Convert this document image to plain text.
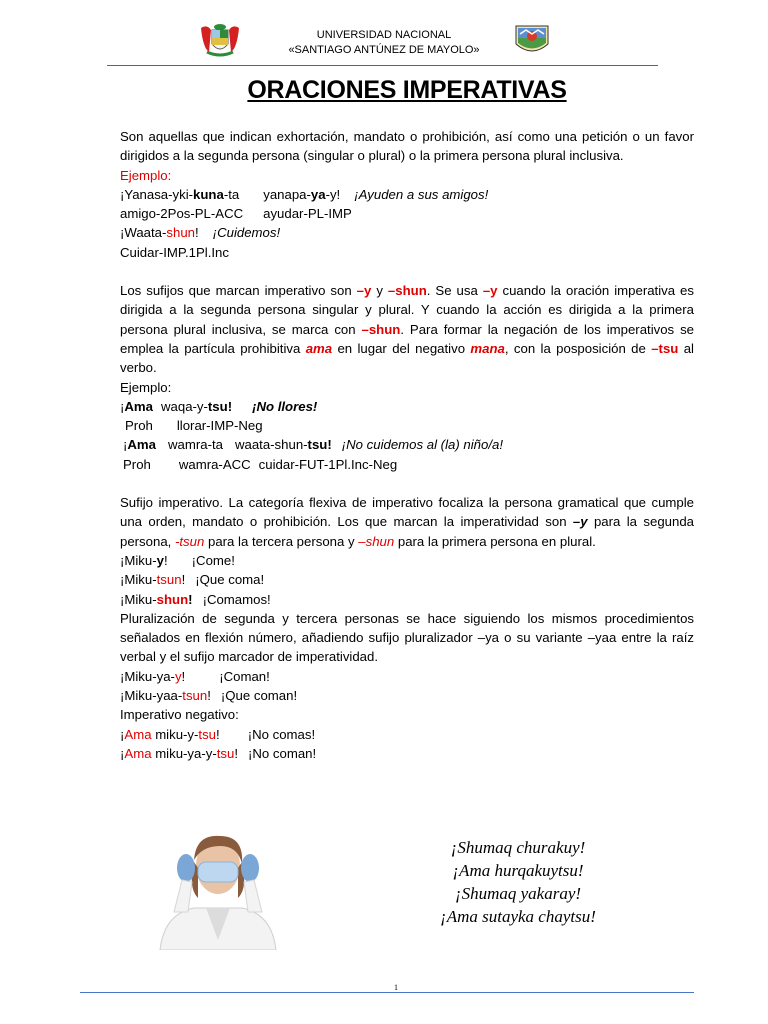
UNIVERSIDAD NACIONAL
«SANTIAGO ANTÚNEZ DE MAYOLO»
ORACIONES IMPERATIVAS

Son aquellas que indican exhortación, mandato o prohibición, así como una petición o un favor dirigidos a la segunda persona (singular o plural) o la primera persona plural inclusiva.

Ejemplo:

¡Yanasa-yki-kuna-ta yanapa-ya-y! ¡Ayuden a sus amigos!

amigo-2Pos-PL-ACC ayudar-PL-IMP

¡Waata-shun! ¡Cuidemos!

Cuidar-IMP.1Pl.Inc

Los sufijos que marcan imperativo son –y y –shun. Se usa –y cuando la oración imperativa es dirigida a la segunda persona singular y plural. Y cuando la acción es dirigida a la primera persona plural inclusiva, se marca con –shun. Para formar la negación de los imperativos se emplea la partícula prohibitiva ama en lugar del negativo mana, con la posposición de –tsu al verbo.

Ejemplo:

¡Ama waqa-y-tsu! ¡No llores!

Proh llorar-IMP-Neg

¡Ama wamra-ta waata-shun-tsu! ¡No cuidemos al (la) niño/a!

Proh wamra-ACC cuidar-FUT-1Pl.Inc-Neg

Sufijo imperativo. La categoría flexiva de imperativo focaliza la persona gramatical que cumple una orden, mandato o prohibición. Los que marcan la imperatividad son –y para la segunda persona, -tsun para la tercera persona y –shun para la primera persona en plural.

¡Miku-y! ¡Come!

¡Miku-tsun! ¡Que coma!

¡Miku-shun! ¡Comamos!

Pluralización de segunda y tercera personas se hace siguiendo los mismos procedimientos señalados en flexión número, añadiendo sufijo pluralizador –ya o su variante –yaa entre la raíz verbal y el sufijo marcador de imperatividad.

¡Miku-ya-y!	¡Coman!

¡Miku-yaa-tsun! ¡Que coman!

Imperativo negativo:

¡Ama miku-y-tsu! ¡No comas!

¡Ama miku-ya-y-tsu! ¡No coman!

¡Shumaq churakuy!
¡Ama hurqakuytsu!
¡Shumaq yakaray!
¡Ama sutayka chaytsu!
1
